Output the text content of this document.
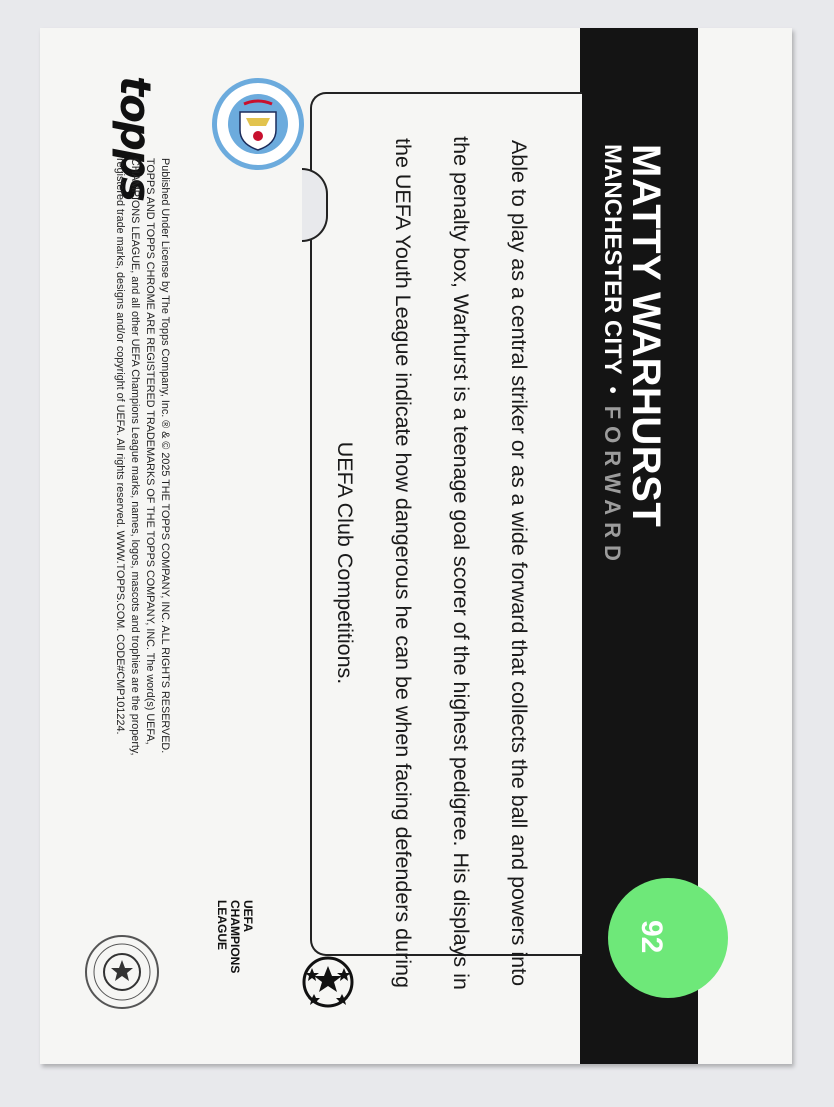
MATTY WARHURST
MANCHESTER CITY
•
FORWARD
Able to play as a central striker or as a wide forward that collects the ball and powers into the penalty box, Warhurst is a teenage goal scorer of the highest pedigree. His displays in the UEFA Youth League indicate how dangerous he can be when facing defenders during UEFA Club Competitions.
92
topps
Published Under License by The Topps Company, Inc. ® & © 2025 THE TOPPS COMPANY, INC. ALL RIGHTS RESERVED.
TOPPS AND TOPPS CHROME ARE REGISTERED TRADEMARKS OF THE TOPPS COMPANY, INC. The word(s) UEFA,
CHAMPIONS LEAGUE, and all other UEFA Champions League marks, names, logos, mascots and trophies are the property,
registered trade marks, designs and/or copyright of UEFA. All rights reserved. WWW.TOPPS.COM. CODE#CMP101224.
UEFA
CHAMPIONS
LEAGUE
